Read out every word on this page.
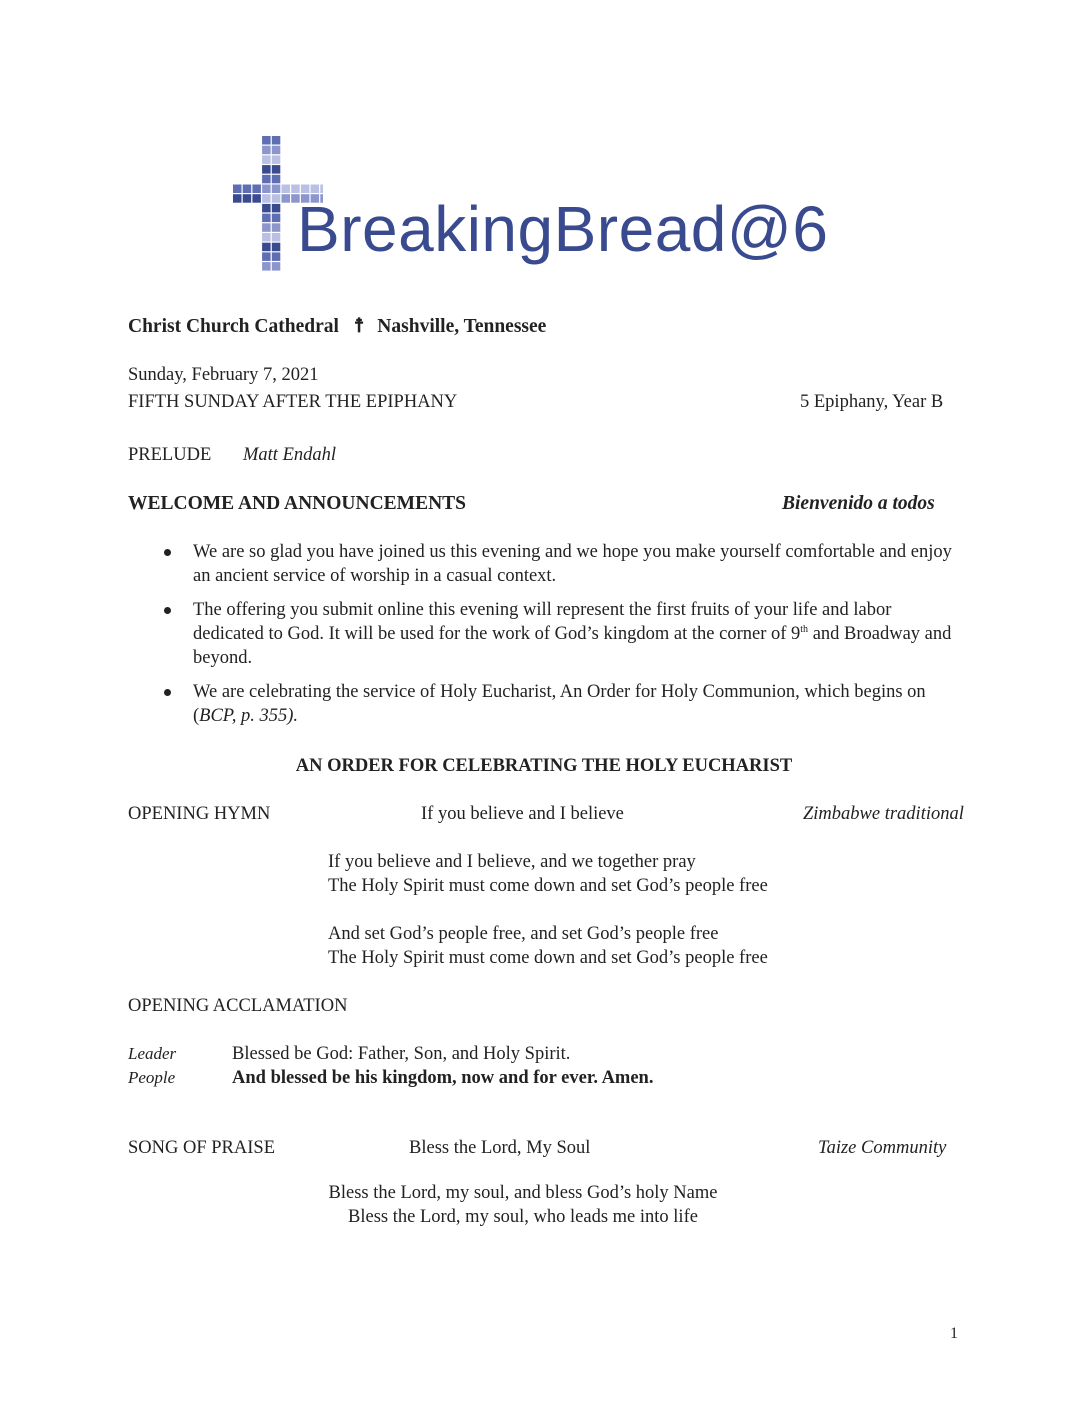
BreakingBread@6
Christ Church Cathedral ☨ Nashville, Tennessee
Sunday, February 7, 2021
FIFTH SUNDAY AFTER THE EPIPHANY	5 Epiphany, Year B
PRELUDE Matt Endahl
WELCOME AND ANNOUNCEMENTS	Bienvenido a todos
We are so glad you have joined us this evening and we hope you make yourself comfortable and enjoy an ancient service of worship in a casual context.
The offering you submit online this evening will represent the first fruits of your life and labor dedicated to God. It will be used for the work of God’s kingdom at the corner of 9th and Broadway and beyond.
We are celebrating the service of Holy Eucharist, An Order for Holy Communion, which begins on (BCP, p. 355).
AN ORDER FOR CELEBRATING THE HOLY EUCHARIST
OPENING HYMN	If you believe and I believe	Zimbabwe traditional
If you believe and I believe, and we together pray
The Holy Spirit must come down and set God’s people free
And set God’s people free, and set God’s people free
The Holy Spirit must come down and set God’s people free
OPENING ACCLAMATION
Leader	Blessed be God: Father, Son, and Holy Spirit.
People	And blessed be his kingdom, now and for ever. Amen.
SONG OF PRAISE	Bless the Lord, My Soul	Taize Community
Bless the Lord, my soul, and bless God’s holy Name
Bless the Lord, my soul, who leads me into life
1
